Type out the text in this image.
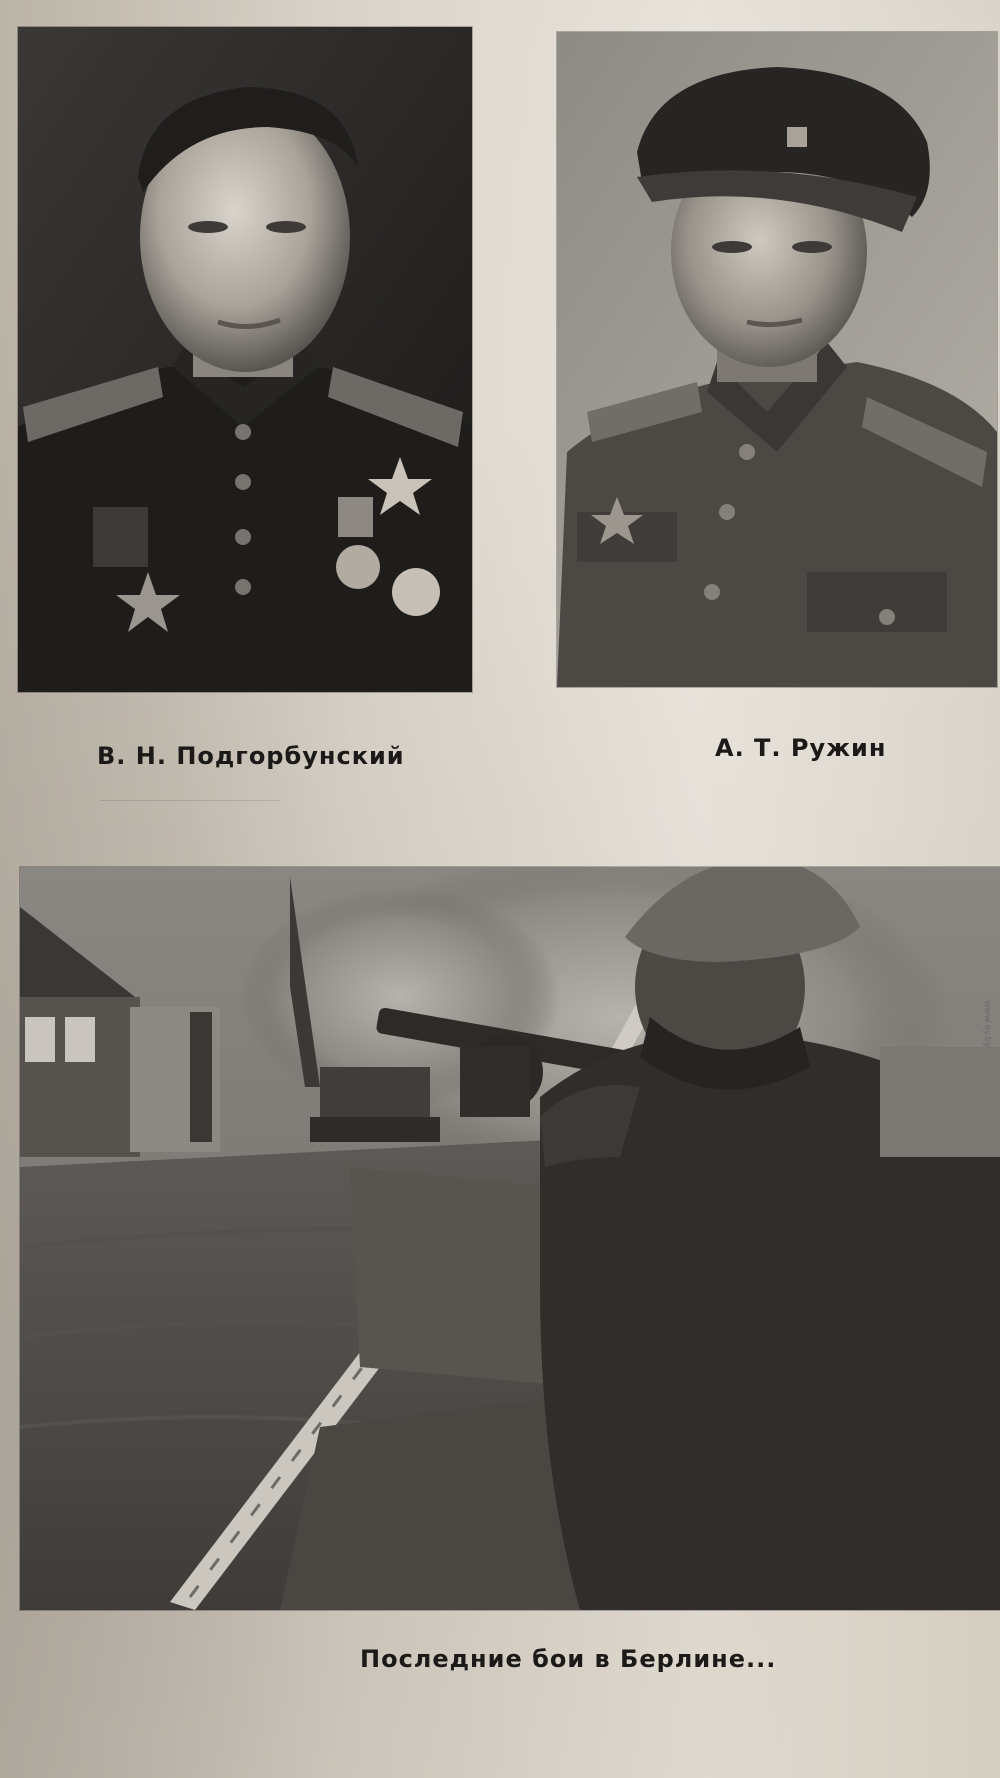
В. Н. Подгорбунский	А. Т. Ружин

Последние бои в Берлине...

www.ay.by
